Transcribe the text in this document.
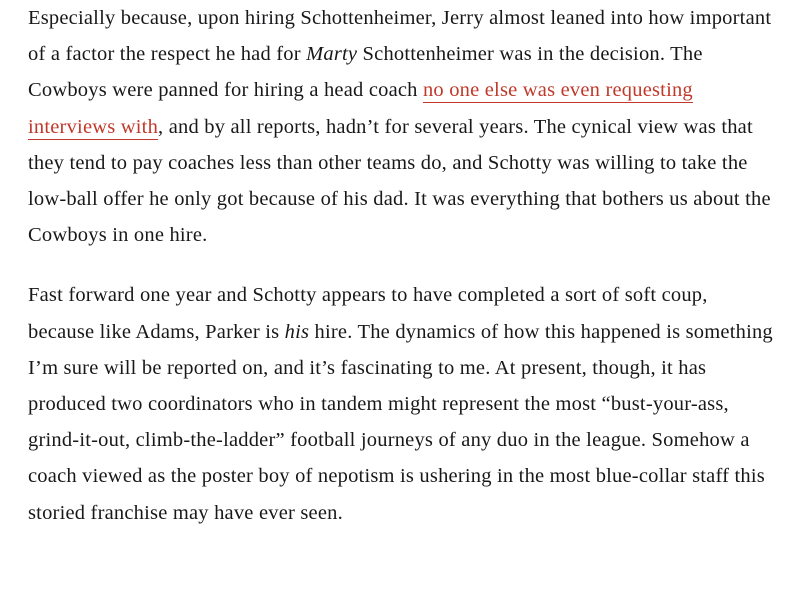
Especially because, upon hiring Schottenheimer, Jerry almost leaned into how important of a factor the respect he had for Marty Schottenheimer was in the decision. The Cowboys were panned for hiring a head coach no one else was even requesting interviews with, and by all reports, hadn’t for several years. The cynical view was that they tend to pay coaches less than other teams do, and Schotty was willing to take the low-ball offer he only got because of his dad. It was everything that bothers us about the Cowboys in one hire.

Fast forward one year and Schotty appears to have completed a sort of soft coup, because like Adams, Parker is his hire. The dynamics of how this happened is something I’m sure will be reported on, and it’s fascinating to me. At present, though, it has produced two coordinators who in tandem might represent the most “bust-your-ass, grind-it-out, climb-the-ladder” football journeys of any duo in the league. Somehow a coach viewed as the poster boy of nepotism is ushering in the most blue-collar staff this storied franchise may have ever seen.
